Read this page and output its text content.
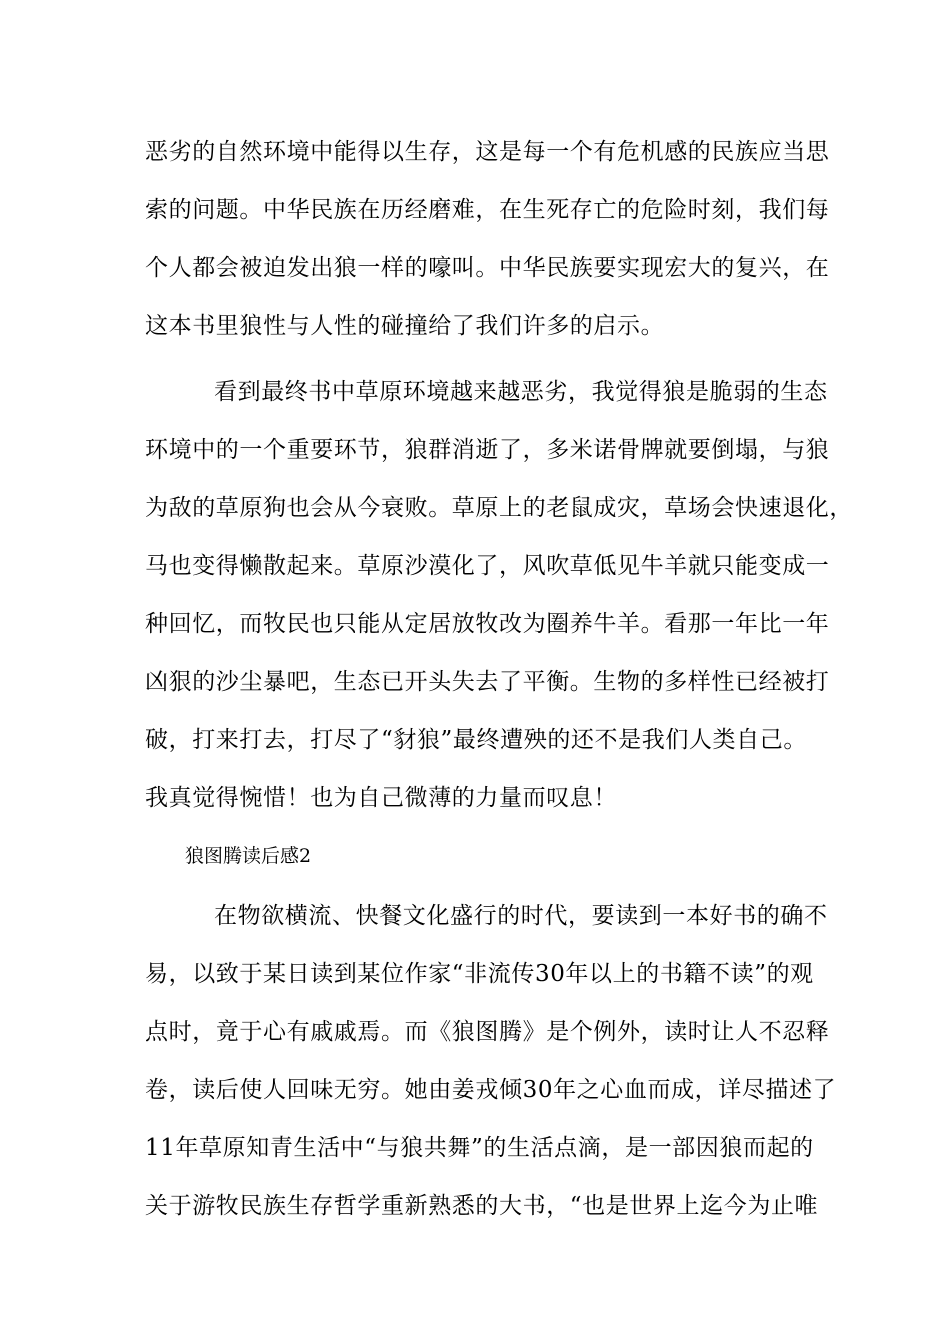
恶劣的自然环境中能得以生存，这是每一个有危机感的民族应当思
索的问题。中华民族在历经磨难，在生死存亡的危险时刻，我们每
个人都会被迫发出狼一样的嚎叫。中华民族要实现宏大的复兴，在
这本书里狼性与人性的碰撞给了我们许多的启示。
看到最终书中草原环境越来越恶劣，我觉得狼是脆弱的生态
环境中的一个重要环节，狼群消逝了，多米诺骨牌就要倒塌，与狼
为敌的草原狗也会从今衰败。草原上的老鼠成灾，草场会快速退化，
马也变得懒散起来。草原沙漠化了，风吹草低见牛羊就只能变成一
种回忆，而牧民也只能从定居放牧改为圈养牛羊。看那一年比一年
凶狠的沙尘暴吧，生态已开头失去了平衡。生物的多样性已经被打
破，打来打去，打尽了“豺狼”最终遭殃的还不是我们人类自己。
我真觉得惋惜！也为自己微薄的力量而叹息！
狼图腾读后感2
在物欲横流、快餐文化盛行的时代，要读到一本好书的确不
易，以致于某日读到某位作家“非流传30年以上的书籍不读”的观
点时，竟于心有戚戚焉。而《狼图腾》是个例外，读时让人不忍释
卷，读后使人回味无穷。她由姜戎倾30年之心血而成，详尽描述了
11年草原知青生活中“与狼共舞”的生活点滴，是一部因狼而起的
关于游牧民族生存哲学重新熟悉的大书，“也是世界上迄今为止唯
